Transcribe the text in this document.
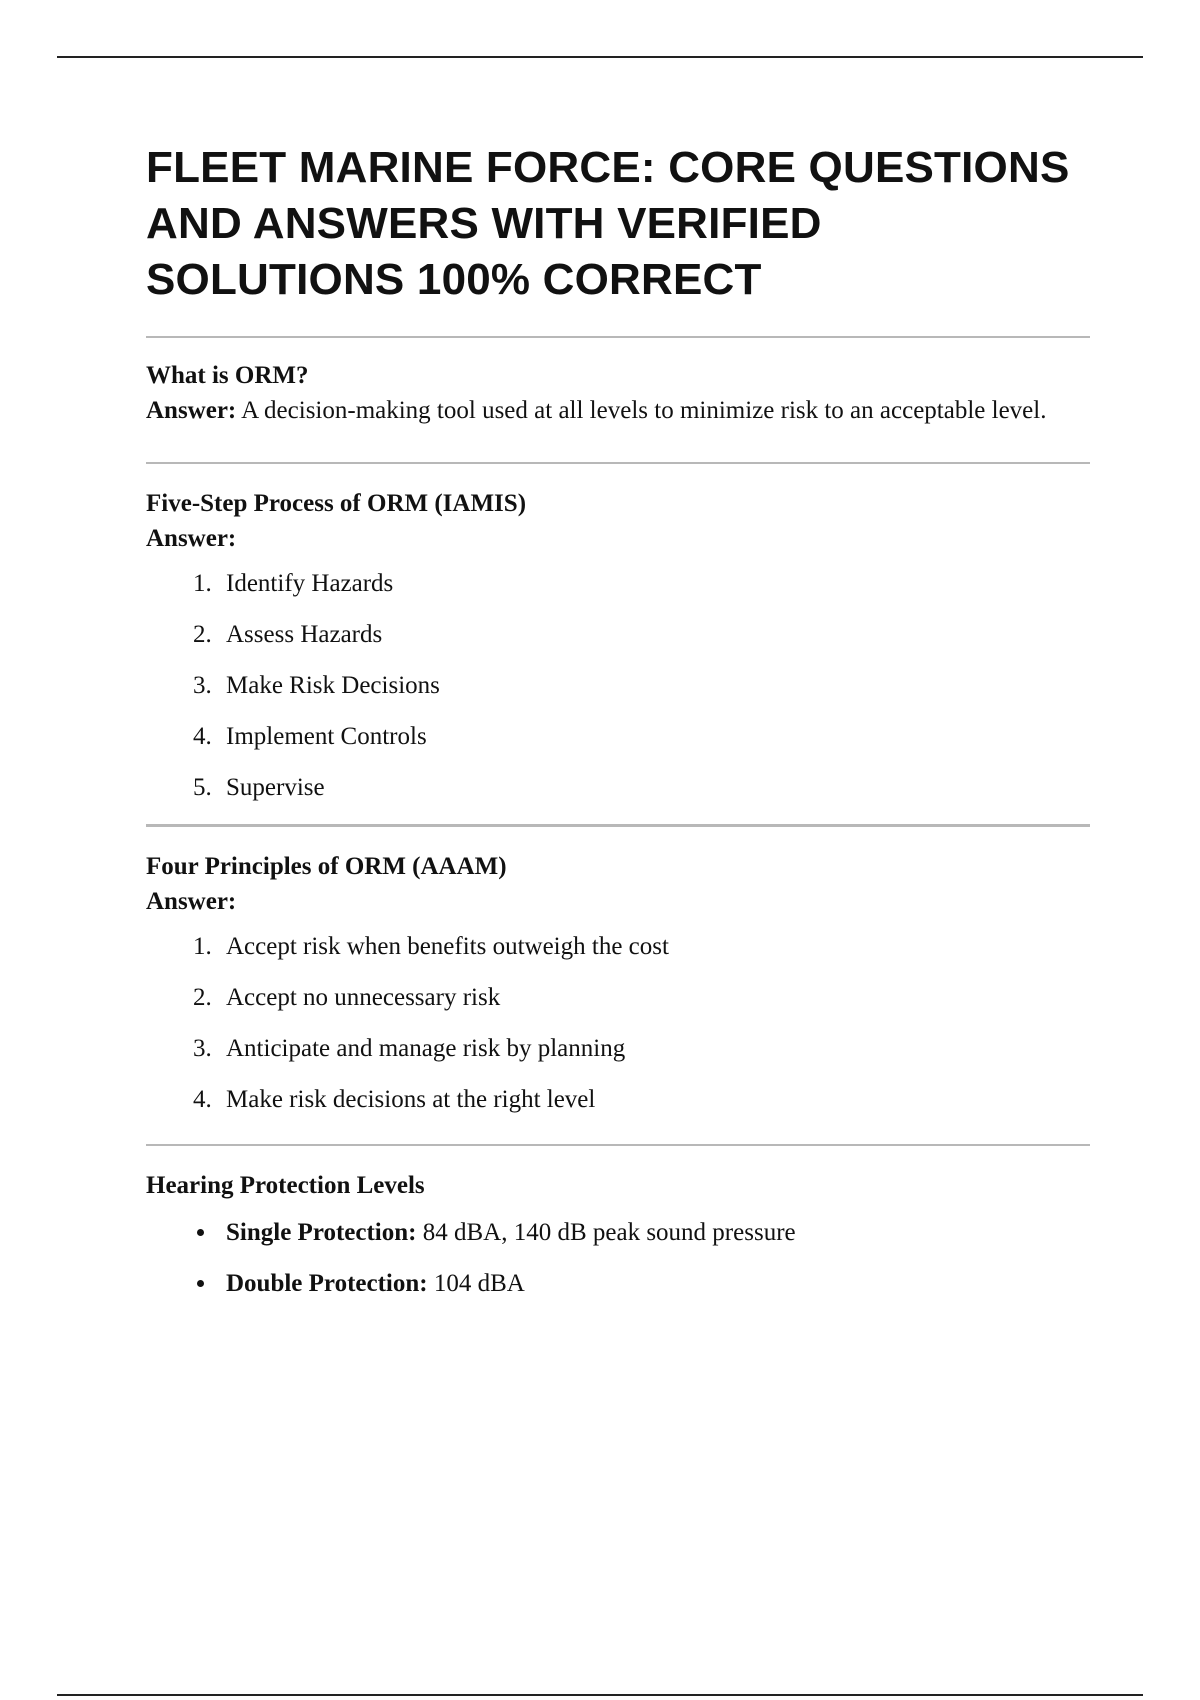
FLEET MARINE FORCE: CORE QUESTIONS AND ANSWERS WITH VERIFIED SOLUTIONS 100% CORRECT

What is ORM?

Answer: A decision-making tool used at all levels to minimize risk to an acceptable level.

Five-Step Process of ORM (IAMIS)

Answer:

1. Identify Hazards
2. Assess Hazards
3. Make Risk Decisions
4. Implement Controls
5. Supervise

Four Principles of ORM (AAAM)

Answer:

1. Accept risk when benefits outweigh the cost
2. Accept no unnecessary risk
3. Anticipate and manage risk by planning
4. Make risk decisions at the right level

Hearing Protection Levels

• Single Protection: 84 dBA, 140 dB peak sound pressure
• Double Protection: 104 dBA
